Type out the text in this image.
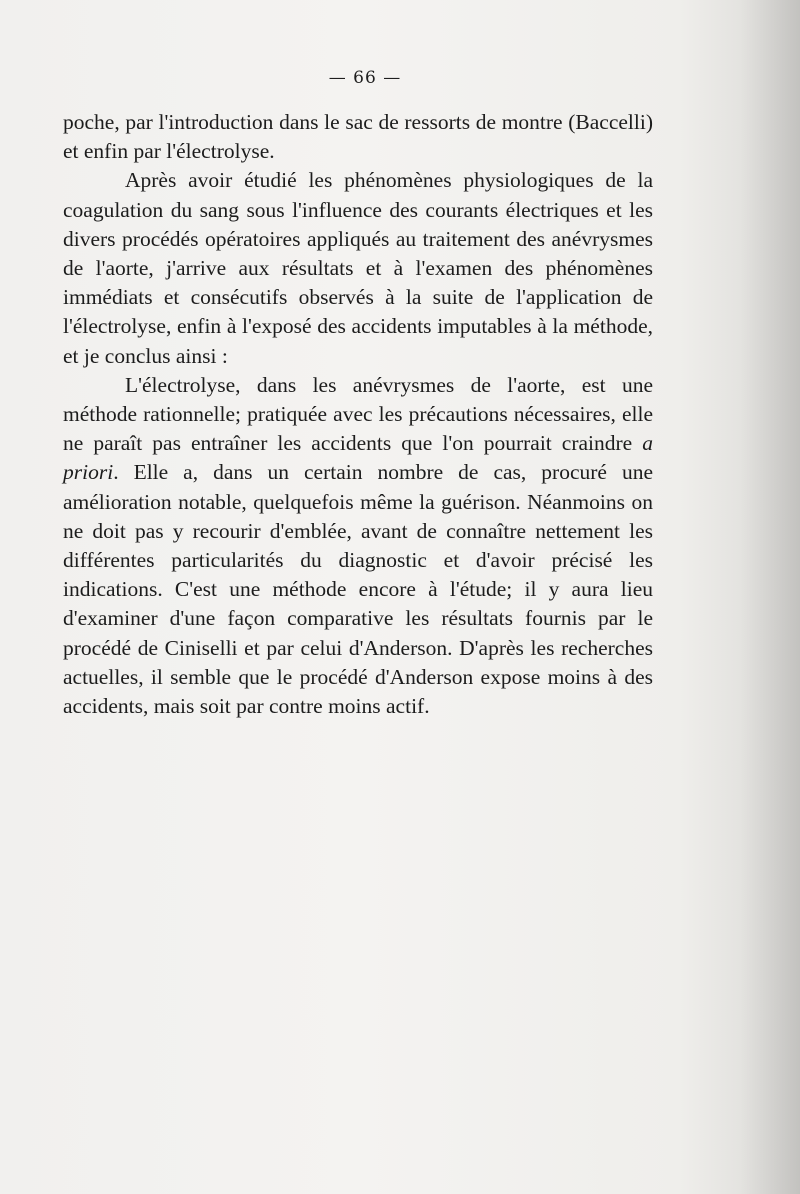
— 66 —

poche, par l'introduction dans le sac de ressorts de montre (Baccelli) et enfin par l'électrolyse.

Après avoir étudié les phénomènes physiologiques de la coagulation du sang sous l'influence des courants électriques et les divers procédés opératoires appliqués au traitement des anévrysmes de l'aorte, j'arrive aux résultats et à l'examen des phénomènes immédiats et consécutifs observés à la suite de l'application de l'électrolyse, enfin à l'exposé des accidents imputables à la méthode, et je conclus ainsi :

L'électrolyse, dans les anévrysmes de l'aorte, est une méthode rationnelle; pratiquée avec les précautions nécessaires, elle ne paraît pas entraîner les accidents que l'on pourrait craindre a priori. Elle a, dans un certain nombre de cas, procuré une amélioration notable, quelquefois même la guérison. Néanmoins on ne doit pas y recourir d'emblée, avant de connaître nettement les différentes particularités du diagnostic et d'avoir précisé les indications. C'est une méthode encore à l'étude; il y aura lieu d'examiner d'une façon comparative les résultats fournis par le procédé de Ciniselli et par celui d'Anderson. D'après les recherches actuelles, il semble que le procédé d'Anderson expose moins à des accidents, mais soit par contre moins actif.
